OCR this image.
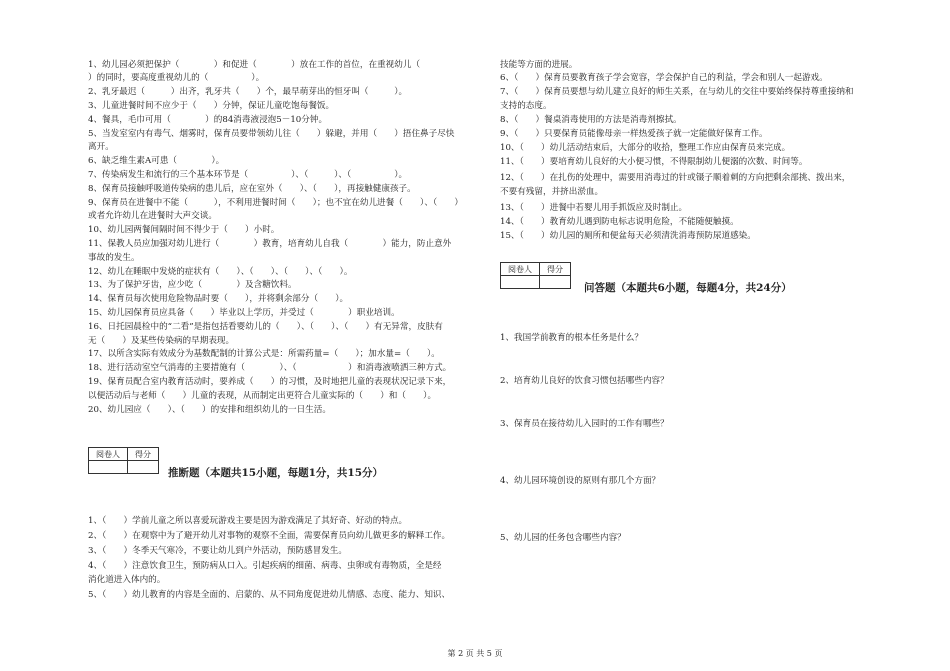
1、幼儿园必须把保护（　　　　）和促进（　　　　）放在工作的首位，在重视幼儿（
）的同时，要高度重视幼儿的（　　　　　）。
2、乳牙最迟（　　　）出齐，乳牙共（　　）个，最早萌芽出的恒牙叫（　　　）。
3、儿童进餐时间不应少于（　　）分钟，保证儿童吃饱每餐饭。
4、餐具，毛巾可用（　　　　）的84消毒液浸泡5－10分钟。
5、当发室室内有毒气、烟雾时，保育员要带领幼儿往（　　）躲避，并用（　　）捂住鼻子尽快
离开。
6、缺乏维生素A可患（　　　　）。
7、传染病发生和流行的三个基本环节是（　　　　　）、（　　　）、（　　　　　）。
8、保育员接触呼吸道传染病的患儿后，应在室外（　　）、（　　），再接触健康孩子。
9、保育员在进餐中不能（　　　），不利用进餐时间（　　）；也不宜在幼儿进餐（　　）、（　　）
或者允许幼儿在进餐时大声交谈。
10、幼儿园两餐间隔时间不得少于（　　）小时。
11、保教人员应加强对幼儿进行（　　　　）教育，培育幼儿自我（　　　　）能力，防止意外
事故的发生。
12、幼儿在睡眠中发烧的症状有（　　）、（　　）、（　　）、（　　）。
13、为了保护牙齿，应少吃（　　　　）及含糖饮料。
14、保育员每次使用危险物品时要（　　），并将剩余部分（　　）。
15、幼儿园保育员应具备（　　）毕业以上学历，并受过（　　　　）职业培训。
16、日托园晨检中的“二看”是指包括看婴幼儿的（　　）、（　　）、（　　）有无异常，皮肤有
无（　　）及某些传染病的早期表现。
17、以所含实际有效成分为基数配制的计算公式是：所需药量=（　　）；加水量=（　　）。
18、进行活动室空气消毒的主要措施有（　　　　）、（　　　　　　）和消毒液喷洒三种方式。
19、保育员配合室内教育活动时，要养成（　　）的习惯，及时地把儿童的表现状况记录下来，
以便活动后与老师（　　）儿童的表现，从而制定出更符合儿童实际的（　　）和（　　）。
20、幼儿园应（　　）、（　　）的安排和组织幼儿的一日生活。
阅卷人	得分

推断题（本题共15小题，每题1分，共15分）
1、（　　）学前儿童之所以喜爱玩游戏主要是因为游戏满足了其好奇、好动的特点。
2、（　　）在观察中为了避开幼儿对事物的观察不全面，需要保育员向幼儿做更多的解释工作。
3、（　　）冬季天气寒冷，不要让幼儿到户外活动，预防感冒发生。
4、（　　）注意饮食卫生，预防病从口入。引起疾病的细菌、病毒、虫卵或有毒物质，全是经
消化道进入体内的。
5、（　　）幼儿教育的内容是全面的、启蒙的、从不同角度促进幼儿情感、态度、能力、知识、
技能等方面的进展。
6、（　　）保育员要教育孩子学会宽容，学会保护自己的利益，学会和别人一起游戏。
7、（　　）保育员要想与幼儿建立良好的师生关系，在与幼儿的交往中要始终保持尊重接纳和
支持的态度。
8、（　　）餐桌消毒使用的方法是消毒剂擦拭。
9、（　　）只要保育员能像母亲一样热爱孩子就一定能做好保育工作。
10、（　　）幼儿活动结束后，大部分的收拾，整理工作应由保育员来完成。
11、（　　）要培育幼儿良好的大小便习惯，不得限制幼儿便溺的次数、时间等。
12、（　　）在扎伤的处理中，需要用消毒过的针或镊子顺着刺的方向把剩余部挑、拨出来，
不要有残留，并挤出淤血。
13、（　　）进餐中若婴儿用手抓饭应及时制止。
14、（　　）教育幼儿遇到防电标志说明危险，不能随便触摸。
15、（　　）幼儿园的厕所和便盆每天必须清洗消毒预防尿道感染。
阅卷人	得分

问答题（本题共6小题，每题4分，共24分）
1、我国学前教育的根本任务是什么？
2、培育幼儿良好的饮食习惯包括哪些内容？
3、保育员在接待幼儿入园时的工作有哪些？
4、幼儿园环境创设的原则有那几个方面？
5、幼儿园的任务包含哪些内容？
第 2 页 共 5 页
